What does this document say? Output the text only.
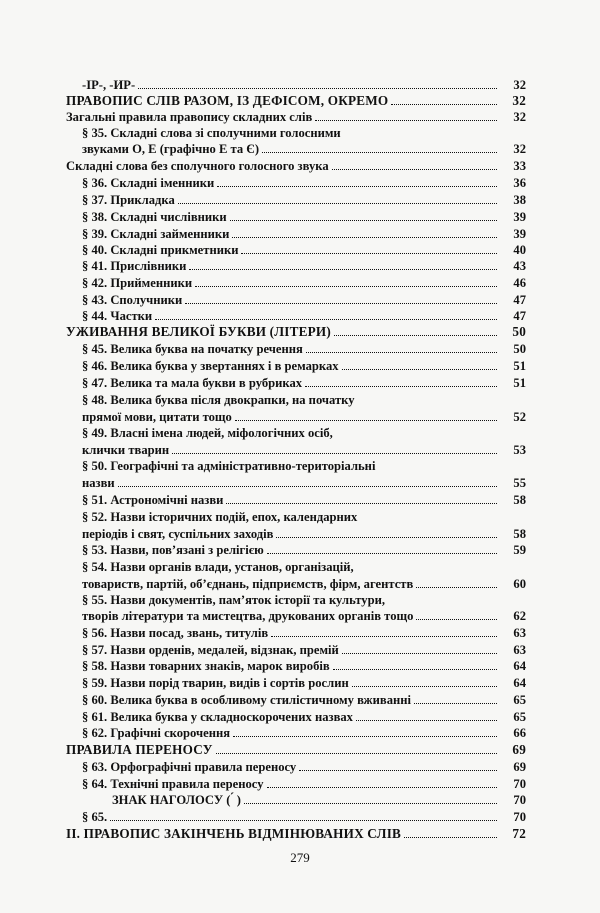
-ІР-, -ИР-	32
ПРАВОПИС СЛІВ РАЗОМ, ІЗ ДЕФІСОМ, ОКРЕМО	32
Загальні правила правопису складних слів	32
§ 35. Складні слова зі сполучними голосними
звуками О, Е (графічно Е та Є)	32
Складні слова без сполучного голосного звука	33
§ 36. Складні іменники	36
§ 37. Прикладка	38
§ 38. Складні числівники	39
§ 39. Складні займенники	39
§ 40. Складні прикметники	40
§ 41. Прислівники	43
§ 42. Прийменники	46
§ 43. Сполучники	47
§ 44. Частки	47
УЖИВАННЯ ВЕЛИКОЇ БУКВИ (ЛІТЕРИ)	50
§ 45. Велика буква на початку речення	50
§ 46. Велика буква у звертаннях і в ремарках	51
§ 47. Велика та мала букви в рубриках	51
§ 48. Велика буква після двокрапки, на початку
прямої мови, цитати тощо	52
§ 49. Власні імена людей, міфологічних осіб,
клички тварин	53
§ 50. Географічні та адміністративно-територіальні
назви	55
§ 51. Астрономічні назви	58
§ 52. Назви історичних подій, епох, календарних
періодів і свят, суспільних заходів	58
§ 53. Назви, пов’язані з релігією	59
§ 54. Назви органів влади, установ, організацій,
товариств, партій, об’єднань, підприємств, фірм, агентств	60
§ 55. Назви документів, пам’яток історії та культури,
творів літератури та мистецтва, друкованих органів тощо	62
§ 56. Назви посад, звань, титулів	63
§ 57. Назви орденів, медалей, відзнак, премій	63
§ 58. Назви товарних знаків, марок виробів	64
§ 59. Назви порід тварин, видів і сортів рослин	64
§ 60. Велика буква в особливому стилістичному вживанні	65
§ 61. Велика буква у складноскорочених назвах	65
§ 62. Графічні скорочення	66
ПРАВИЛА ПЕРЕНОСУ	69
§ 63. Орфографічні правила переносу	69
§ 64. Технічні правила переносу	70
ЗНАК НАГОЛОСУ ( ́ )	70
§ 65.	70
ІІ. ПРАВОПИС ЗАКІНЧЕНЬ ВІДМІНЮВАНИХ СЛІВ	72
279
